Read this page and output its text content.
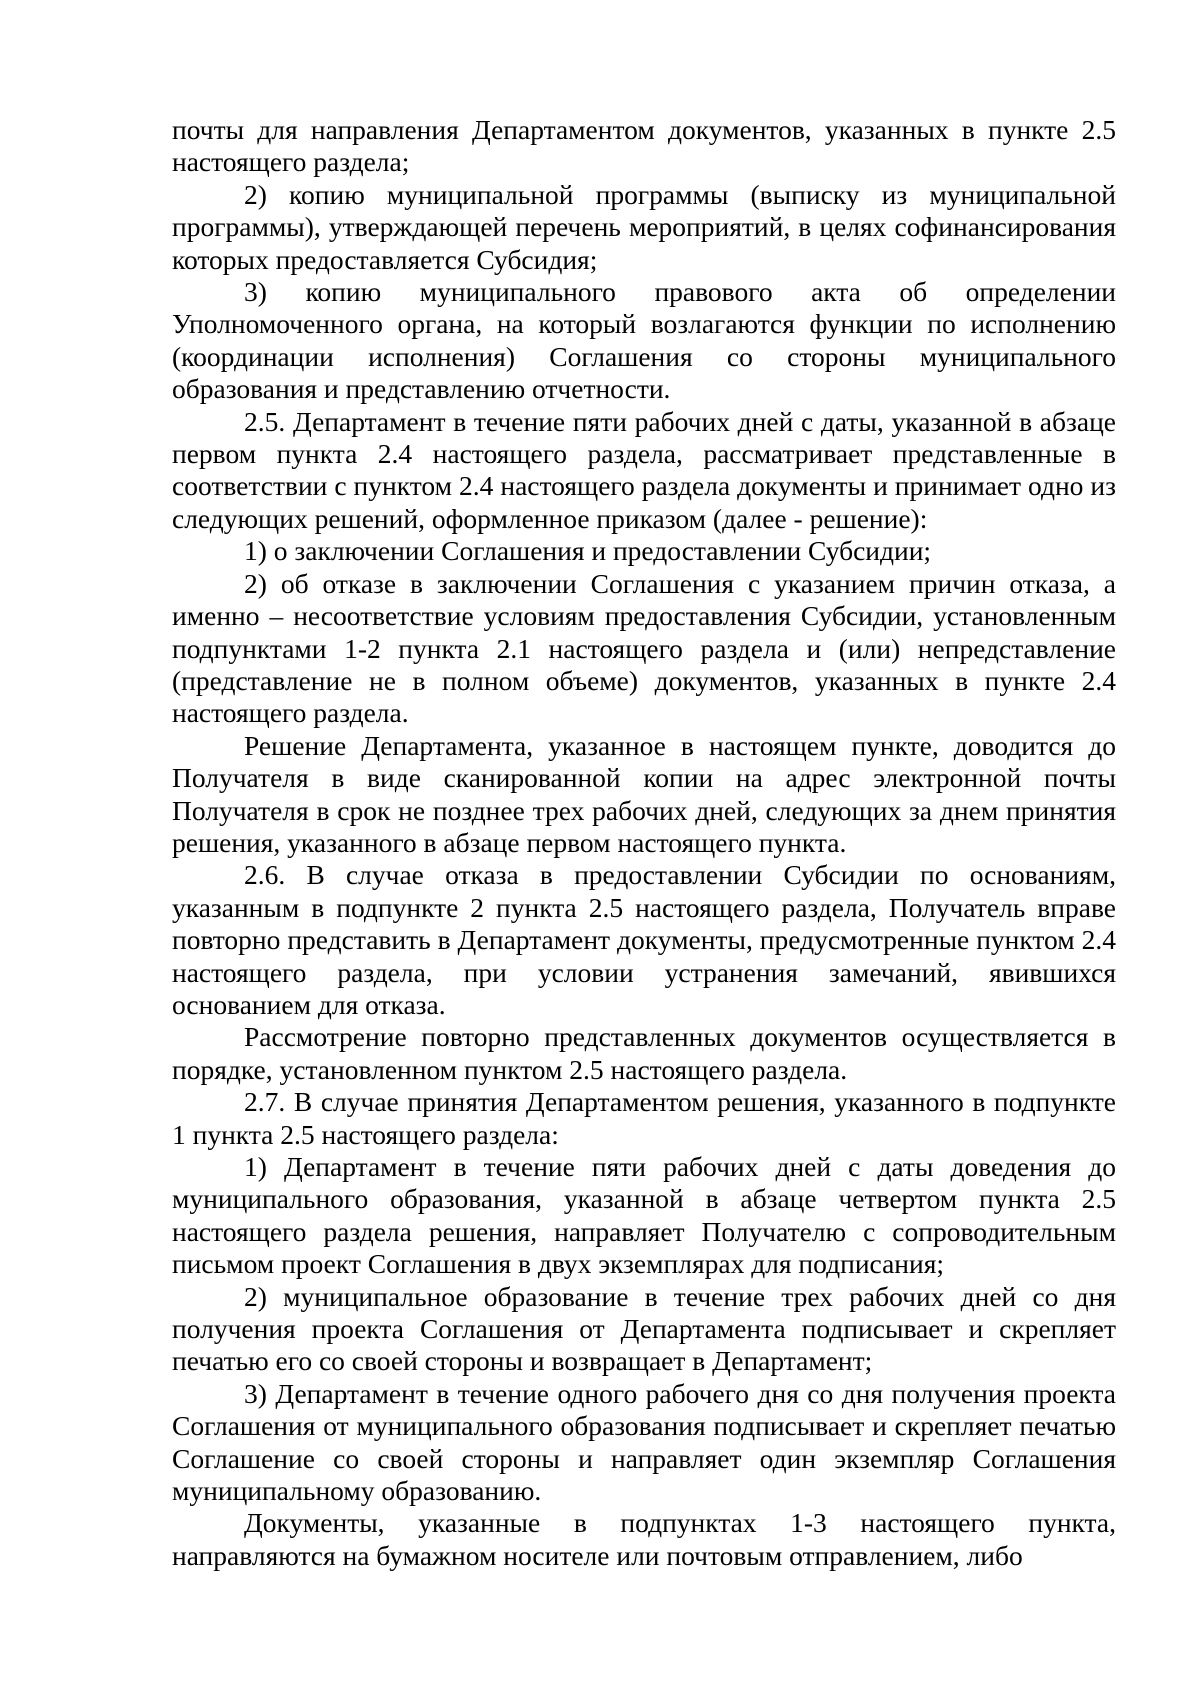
почты для направления Департаментом документов, указанных в пункте 2.5 настоящего раздела;

2) копию муниципальной программы (выписку из муниципальной программы), утверждающей перечень мероприятий, в целях софинансирования которых предоставляется Субсидия;

3) копию муниципального правового акта об определении Уполномоченного органа, на который возлагаются функции по исполнению (координации исполнения) Соглашения со стороны муниципального образования и представлению отчетности.

2.5. Департамент в течение пяти рабочих дней с даты, указанной в абзаце первом пункта 2.4 настоящего раздела, рассматривает представленные в соответствии с пунктом 2.4 настоящего раздела документы и принимает одно из следующих решений, оформленное приказом (далее - решение):

1) о заключении Соглашения и предоставлении Субсидии;

2) об отказе в заключении Соглашения с указанием причин отказа, а именно – несоответствие условиям предоставления Субсидии, установленным подпунктами 1-2 пункта 2.1 настоящего раздела и (или) непредставление (представление не в полном объеме) документов, указанных в пункте 2.4 настоящего раздела.

Решение Департамента, указанное в настоящем пункте, доводится до Получателя в виде сканированной копии на адрес электронной почты Получателя в срок не позднее трех рабочих дней, следующих за днем принятия решения, указанного в абзаце первом настоящего пункта.

2.6. В случае отказа в предоставлении Субсидии по основаниям, указанным в подпункте 2 пункта 2.5 настоящего раздела, Получатель вправе повторно представить в Департамент документы, предусмотренные пунктом 2.4 настоящего раздела, при условии устранения замечаний, явившихся основанием для отказа.

Рассмотрение повторно представленных документов осуществляется в порядке, установленном пунктом 2.5 настоящего раздела.

2.7. В случае принятия Департаментом решения, указанного в подпункте 1 пункта 2.5 настоящего раздела:

1) Департамент в течение пяти рабочих дней с даты доведения до муниципального образования, указанной в абзаце четвертом пункта 2.5 настоящего раздела решения, направляет Получателю с сопроводительным письмом проект Соглашения в двух экземплярах для подписания;

2) муниципальное образование в течение трех рабочих дней со дня получения проекта Соглашения от Департамента подписывает и скрепляет печатью его со своей стороны и возвращает в Департамент;

3) Департамент в течение одного рабочего дня со дня получения проекта Соглашения от муниципального образования подписывает и скрепляет печатью Соглашение со своей стороны и направляет один экземпляр Соглашения муниципальному образованию.

Документы, указанные в подпунктах 1-3 настоящего пункта, направляются на бумажном носителе или почтовым отправлением, либо
